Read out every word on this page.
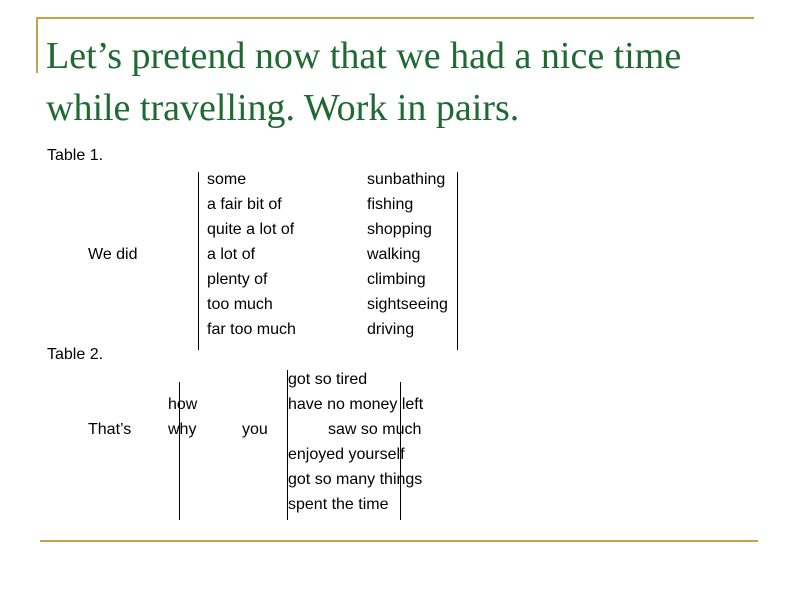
Let’s pretend now that we had a nice time
while travelling. Work in pairs.
Table 1.
We did
some
a fair bit of
quite a lot of
a lot of
plenty of
too much
far too much
sunbathing
fishing
shopping
walking
climbing
sightseeing
driving
Table 2.
That’s
how
why	you
got so tired
have no money left
saw so much
enjoyed yourself
got so many things
spent the time
